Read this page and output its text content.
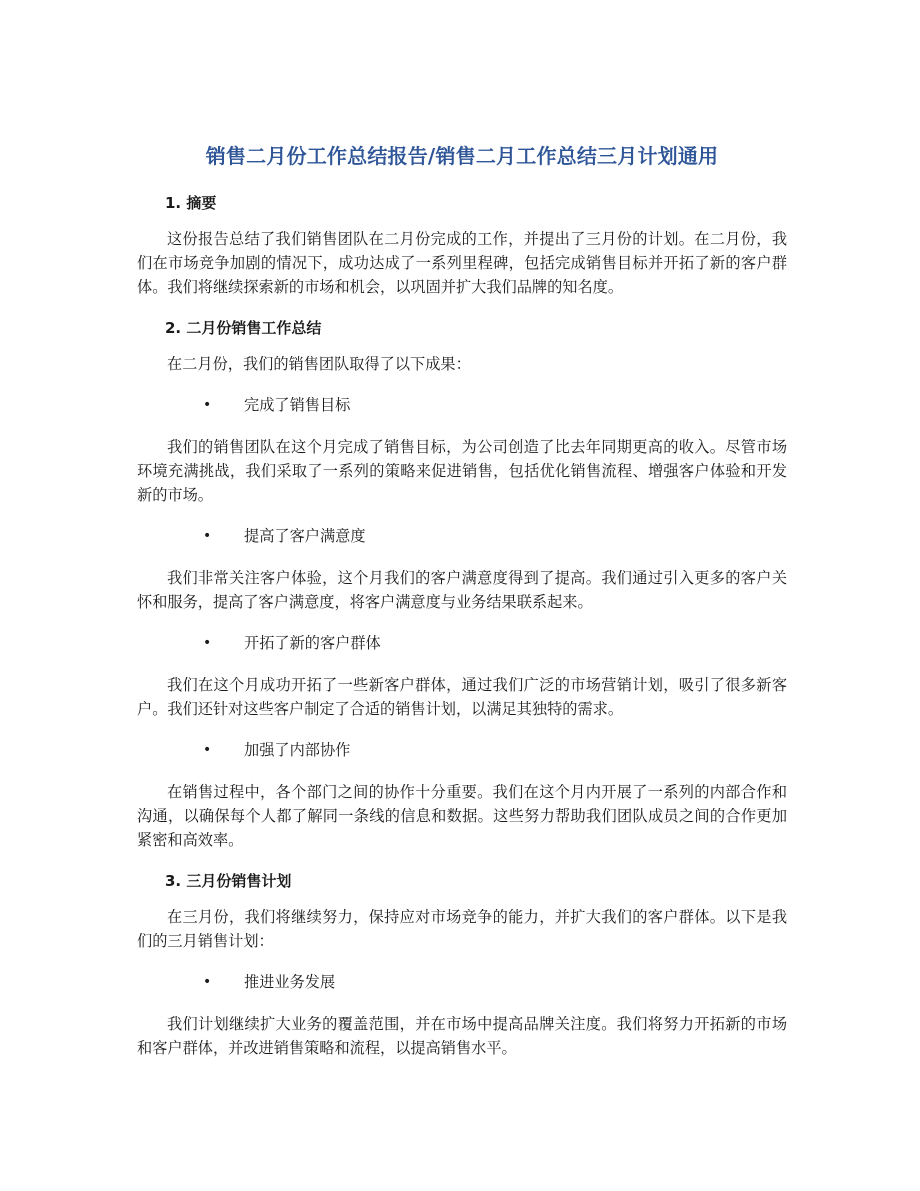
销售二月份工作总结报告/销售二月工作总结三月计划通用
1. 摘要

这份报告总结了我们销售团队在二月份完成的工作，并提出了三月份的计划。在二月份，我们在市场竞争加剧的情况下，成功达成了一系列里程碑，包括完成销售目标并开拓了新的客户群体。我们将继续探索新的市场和机会，以巩固并扩大我们品牌的知名度。

2. 二月份销售工作总结

在二月份，我们的销售团队取得了以下成果：

• 完成了销售目标

我们的销售团队在这个月完成了销售目标，为公司创造了比去年同期更高的收入。尽管市场环境充满挑战，我们采取了一系列的策略来促进销售，包括优化销售流程、增强客户体验和开发新的市场。

• 提高了客户满意度

我们非常关注客户体验，这个月我们的客户满意度得到了提高。我们通过引入更多的客户关怀和服务，提高了客户满意度，将客户满意度与业务结果联系起来。

• 开拓了新的客户群体

我们在这个月成功开拓了一些新客户群体，通过我们广泛的市场营销计划，吸引了很多新客户。我们还针对这些客户制定了合适的销售计划，以满足其独特的需求。

• 加强了内部协作

在销售过程中，各个部门之间的协作十分重要。我们在这个月内开展了一系列的内部合作和沟通，以确保每个人都了解同一条线的信息和数据。这些努力帮助我们团队成员之间的合作更加紧密和高效率。

3. 三月份销售计划

在三月份，我们将继续努力，保持应对市场竞争的能力，并扩大我们的客户群体。以下是我们的三月销售计划：

• 推进业务发展

我们计划继续扩大业务的覆盖范围，并在市场中提高品牌关注度。我们将努力开拓新的市场和客户群体，并改进销售策略和流程，以提高销售水平。
